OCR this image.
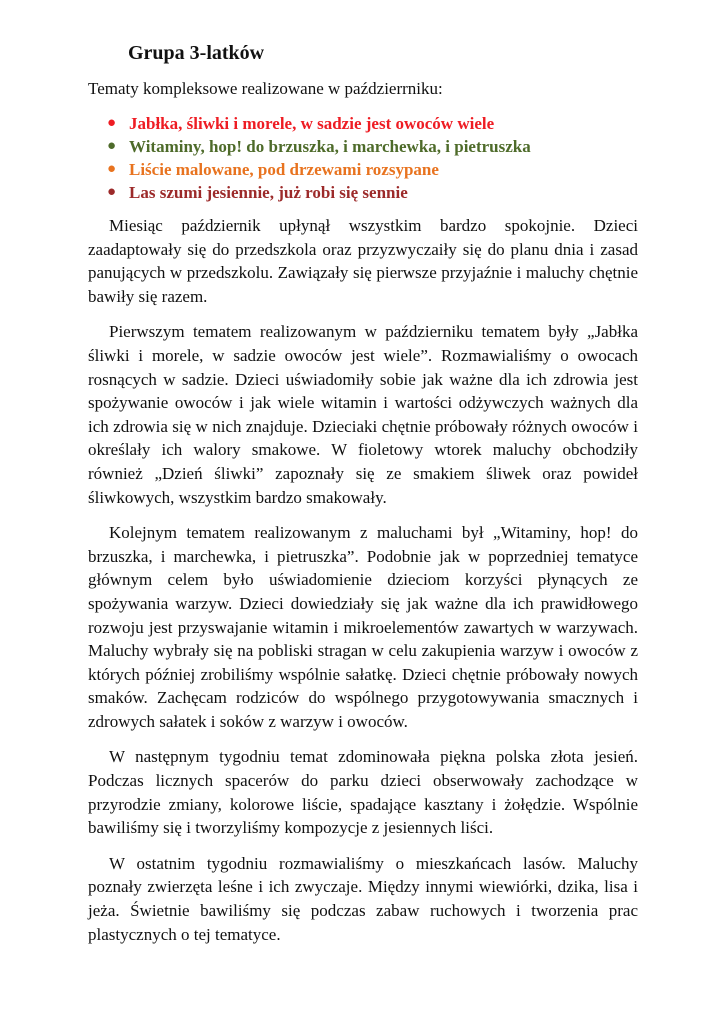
Grupa 3-latków

Tematy kompleksowe realizowane w paździerrniku:

● Jabłka, śliwki i morele, w sadzie jest owoców wiele
● Witaminy, hop! do brzuszka, i marchewka, i pietruszka
● Liście malowane, pod drzewami rozsypane
● Las szumi jesiennie, już robi się sennie

Miesiąc październik upłynął wszystkim bardzo spokojnie. Dzieci zaadaptowały się do przedszkola oraz przyzwyczaiły się do planu dnia i zasad panujących w przedszkolu. Zawiązały się pierwsze przyjaźnie i maluchy chętnie bawiły się razem.

Pierwszym tematem realizowanym w październiku tematem były „Jabłka śliwki i morele, w sadzie owoców jest wiele”. Rozmawialiśmy o owocach rosnących w sadzie. Dzieci uświadomiły sobie jak ważne dla ich zdrowia jest spożywanie owoców i jak wiele witamin i wartości odżywczych ważnych dla ich zdrowia się w nich znajduje. Dzieciaki chętnie próbowały różnych owoców i określały ich walory smakowe. W fioletowy wtorek maluchy obchodziły również „Dzień śliwki” zapoznały się ze smakiem śliwek oraz powideł śliwkowych, wszystkim bardzo smakowały.

Kolejnym tematem realizowanym z maluchami był „Witaminy, hop! do brzuszka, i marchewka, i pietruszka”. Podobnie jak w poprzedniej tematyce głównym celem było uświadomienie dzieciom korzyści płynących ze spożywania warzyw. Dzieci dowiedziały się jak ważne dla ich prawidłowego rozwoju jest przyswajanie witamin i mikroelementów zawartych w warzywach. Maluchy wybrały się na pobliski stragan w celu zakupienia warzyw i owoców z których później zrobiliśmy wspólnie sałatkę. Dzieci chętnie próbowały nowych smaków. Zachęcam rodziców do wspólnego przygotowywania smacznych i zdrowych sałatek i soków z warzyw i owoców.

W następnym tygodniu temat zdominowała piękna polska złota jesień. Podczas licznych spacerów do parku dzieci obserwowały zachodzące w przyrodzie zmiany, kolorowe liście, spadające kasztany i żołędzie. Wspólnie bawiliśmy się i tworzyliśmy kompozycje z jesiennych liści.

W ostatnim tygodniu rozmawialiśmy o mieszkańcach lasów. Maluchy poznały zwierzęta leśne i ich zwyczaje. Między innymi wiewiórki, dzika, lisa i jeża. Świetnie bawiliśmy się podczas zabaw ruchowych i tworzenia prac plastycznych o tej tematyce.
